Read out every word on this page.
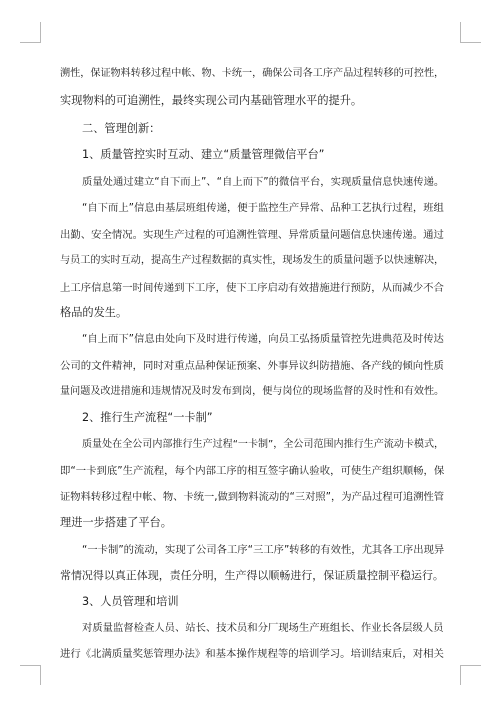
溯性，保证物料转移过程中帐、物、卡统一，确保公司各工序产品过程转移的可控性，
实现物料的可追溯性，最终实现公司内基础管理水平的提升。
二、管理创新：
1、质量管控实时互动、建立“质量管理微信平台”
质量处通过建立“自下而上”、“自上而下”的微信平台，实现质量信息快速传递。
“自下而上”信息由基层班组传递，便于监控生产异常、品种工艺执行过程，班组
出勤、安全情况。实现生产过程的可追溯性管理、异常质量问题信息快速传递。通过
与员工的实时互动，提高生产过程数据的真实性，现场发生的质量问题予以快速解决，
上工序信息第一时间传递到下工序，使下工序启动有效措施进行预防，从而减少不合
格品的发生。
“自上而下”信息由处向下及时进行传递，向员工弘扬质量管控先进典范及时传达
公司的文件精神，同时对重点品种保证预案、外事异议纠防措施、各产线的倾向性质
量问题及改进措施和违规情况及时发布到岗，便与岗位的现场监督的及时性和有效性。
2、推行生产流程“一卡制”
质量处在全公司内部推行生产过程“一卡制”，全公司范围内推行生产流动卡模式，
即“一卡到底”生产流程，每个内部工序的相互签字确认验收，可使生产组织顺畅，保
证物料转移过程中帐、物、卡统一,做到物料流动的“三对照”，为产品过程可追溯性管
理进一步搭建了平台。
“一卡制”的流动，实现了公司各工序“三工序”转移的有效性，尤其各工序出现异
常情况得以真正体现，责任分明，生产得以顺畅进行，保证质量控制平稳运行。
3、人员管理和培训
对质量监督检查人员、站长、技术员和分厂现场生产班组长、作业长各层级人员
进行《北满质量奖惩管理办法》和基本操作规程等的培训学习。培训结束后，对相关
